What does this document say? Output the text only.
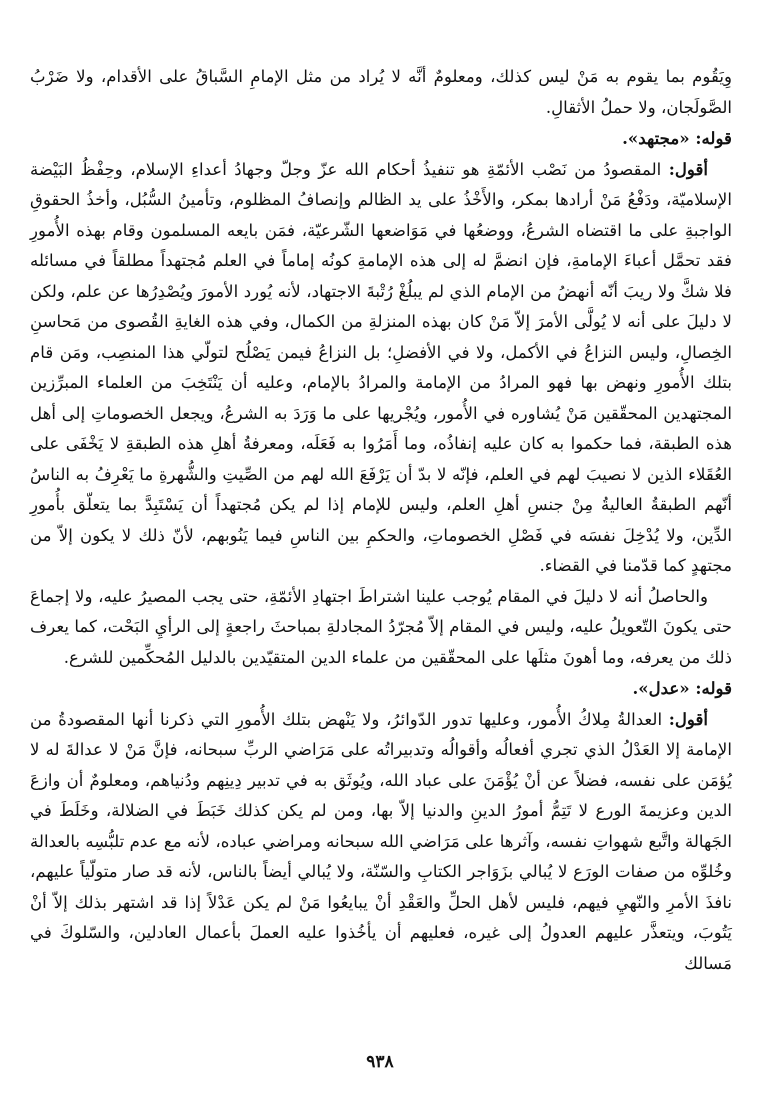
وِيَقُوم بما يقوم به مَنْ ليس كذلك، ومعلومٌ أنَّه لا يُراد من مثل الإمامِ السَّباقُ على الأقدام، ولا ضَرْبُ الصَّولَجان، ولا حملُ الأثقالِ.

قوله: «مجتهد».

أقول: المقصودُ من نَصْب الأئمّةِ هو تنفيذُ أحكام الله عزّ وجلّ وجهادُ أعداءِ الإسلام، وحِفْظُ البَيْضة الإسلاميّة، ودَفْعُ مَنْ أرادها بمكر، والأَخْذُ على يد الظالم وإنصافُ المظلوم، وتأمينُ السُّبُل، وأخذُ الحقوقِ الواجبةِ على ما اقتضاه الشرعُ، ووضعُها في مَوَاضعها الشّرعيّة، فمَن بايعه المسلمون وقام بهذه الأُمورِ فقد تحمَّل أعباءَ الإمامةِ، فإن انضمَّ له إلى هذه الإمامةِ كونُه إماماً في العلم مُجتهداً مطلقاً في مسائله فلا شكَّ ولا ريبَ أنّه أنهضُ من الإمام الذي لم يبلُغْ رُتْبةَ الاجتهاد، لأنه يُورد الأمورَ ويُصْدِرُها عن علم، ولكن لا دليلَ على أنه لا يُولَّى الأمرَ إلاّ مَنْ كان بهذه المنزلةِ من الكمال، وفي هذه الغايةِ القُصوى من مَحاسنِ الخِصالِ، وليس النزاعُ في الأكمل، ولا في الأفضلِ؛ بل النزاعُ فيمن يَصْلُح لتولّي هذا المنصِب، ومَن قام بتلك الأُمورِ ونهض بها فهو المرادُ من الإمامة والمرادُ بالإمام، وعليه أن يَنْتَخِبَ من العلماء المبرِّزين المجتهدين المحقّقين مَنْ يُشاوره في الأُمور، ويُجْريها على ما وَرَدَ به الشرعُ، ويجعل الخصوماتِ إلى أهل هذه الطبقة، فما حكموا به كان عليه إنفاذُه، وما أَمَرُوا به فَعَلَه، ومعرفةُ أهلِ هذه الطبقةِ لا يَخْفَى على العُقَلاء الذين لا نصيبَ لهم في العلم، فإنّه لا بدّ أن يَرْفَعَ الله لهم من الصِّيتِ والشُّهرةِ ما يَعْرِفُ به الناسُ أنّهم الطبقةُ العاليةُ مِنْ جنسِ أهلِ العلم، وليس للإمام إذا لم يكن مُجتهداً أن يَسْتَبِدَّ بما يتعلّق بأُمورِ الدِّين، ولا يُدْخِلَ نفسَه في فَصْلِ الخصوماتِ، والحكمِ بين الناسِ فيما يَنُوبهم، لأنّ ذلك لا يكون إلاّ من مجتهدٍ كما قدّمنا في القضاء.

والحاصلُ أنه لا دليلَ في المقام يُوجب علينا اشتراطَ اجتهادِ الأئمّةِ، حتى يجب المصيرُ عليه، ولا إجماعَ حتى يكونَ التّعويلُ عليه، وليس في المقام إلاّ مُجرّدُ المجادلةِ بمباحثَ راجعةٍ إلى الرأيِ البَحْت، كما يعرف ذلك من يعرفه، وما أهونَ مثلَها على المحقّقين من علماء الدين المتقيّدين بالدليل المُحكِّمين للشرع.

قوله: «عدل».

أقول: العدالةُ مِلاكُ الأُمور، وعليها تدور الدّوائرُ، ولا يَنْهض بتلك الأُمورِ التي ذكرنا أنها المقصودةُ من الإمامة إلا العَدْلُ الذي تجري أفعالُه وأقوالُه وتدبيراتُه على مَرَاضي الربِّ سبحانه، فإنَّ مَنْ لا عدالةَ له لا يُؤمَن على نفسه، فضلاً عن أنْ يُؤْمَنَ على عباد الله، ويُوثَق به في تدبير دِينِهم ودُنياهم، ومعلومٌ أن وازعَ الدين وعزيمةَ الورع لا تَتِمُّ أمورُ الدينِ والدنيا إلاّ بها، ومن لم يكن كذلك خَبَطَ في الضلالة، وخَلَطَ في الجَهالة واتَّبع شهواتِ نفسه، وآثرها على مَرَاضي الله سبحانه ومراضي عباده، لأنه مع عدم تلبُّسِه بالعدالة وخُلوِّه من صفات الورَع لا يُبالي بزَوَاجر الكتابِ والسّنّة، ولا يُبالي أيضاً بالناس، لأنه قد صار متولّياً عليهم، نافذَ الأمرِ والنّهيِ فيهم، فليس لأهل الحلِّ والعَقْدِ أنْ يبايعُوا مَنْ لم يكن عَدْلاً إذا قد اشتهر بذلك إلاّ أنْ يَتُوبَ، ويتعذَّر عليهم العدولُ إلى غيره، فعليهم أن يأخُذوا عليه العملَ بأعمال العادلين، والسّلوكَ في مَسالك

٩٣٨
